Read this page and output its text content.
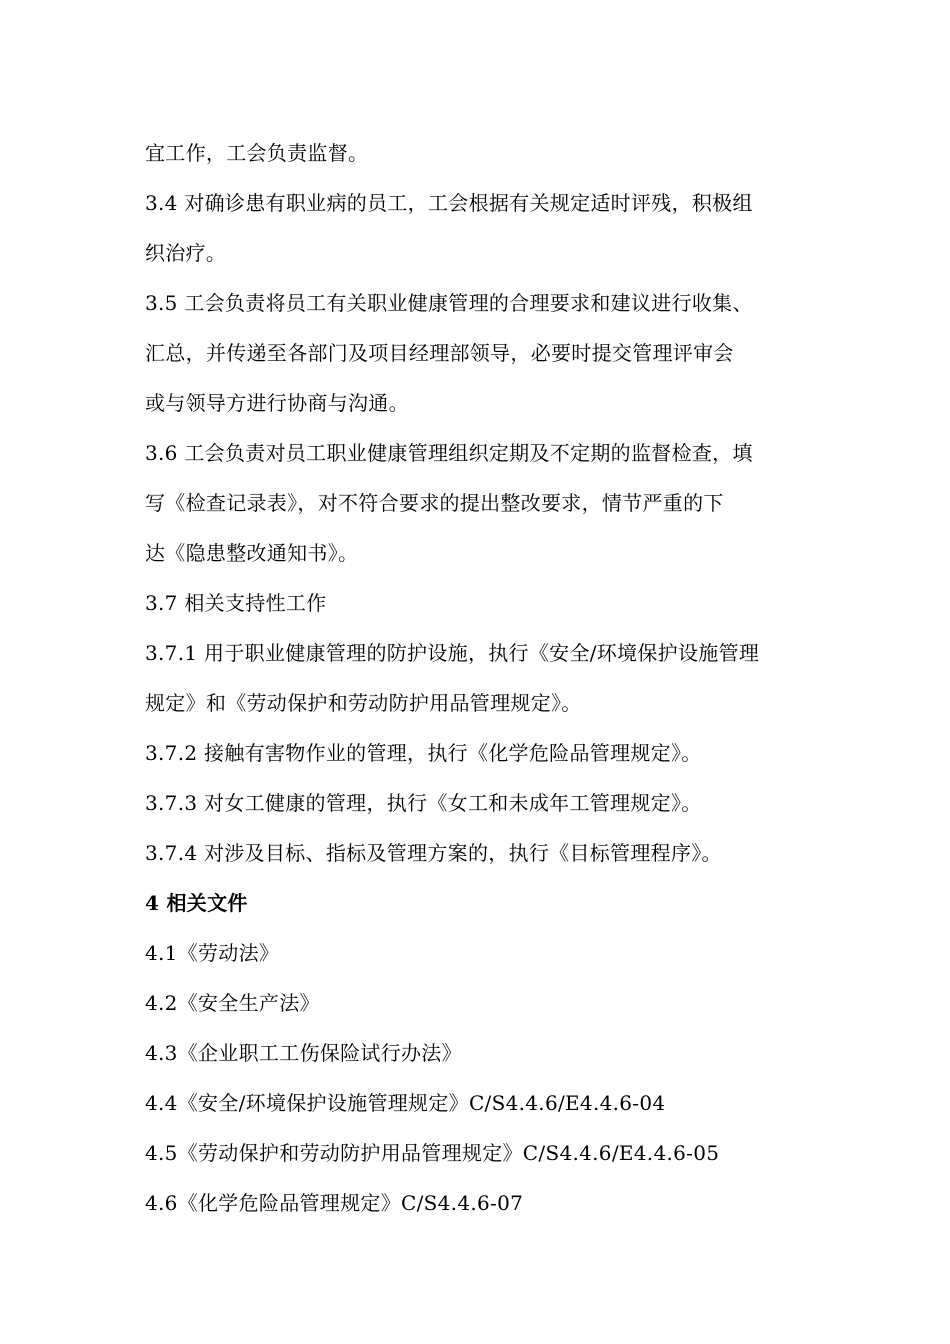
宜工作，工会负责监督。
3.4 对确诊患有职业病的员工，工会根据有关规定适时评残，积极组
织治疗。
3.5 工会负责将员工有关职业健康管理的合理要求和建议进行收集、
汇总，并传递至各部门及项目经理部领导，必要时提交管理评审会
或与领导方进行协商与沟通。
3.6 工会负责对员工职业健康管理组织定期及不定期的监督检查，填
写《检查记录表》，对不符合要求的提出整改要求，情节严重的下
达《隐患整改通知书》。
3.7 相关支持性工作
3.7.1 用于职业健康管理的防护设施，执行《安全/环境保护设施管理
规定》和《劳动保护和劳动防护用品管理规定》。
3.7.2 接触有害物作业的管理，执行《化学危险品管理规定》。
3.7.3 对女工健康的管理，执行《女工和未成年工管理规定》。
3.7.4 对涉及目标、指标及管理方案的，执行《目标管理程序》。
4 相关文件
4.1《劳动法》
4.2《安全生产法》
4.3《企业职工工伤保险试行办法》
4.4《安全/环境保护设施管理规定》C/S4.4.6/E4.4.6-04
4.5《劳动保护和劳动防护用品管理规定》C/S4.4.6/E4.4.6-05
4.6《化学危险品管理规定》C/S4.4.6-07
